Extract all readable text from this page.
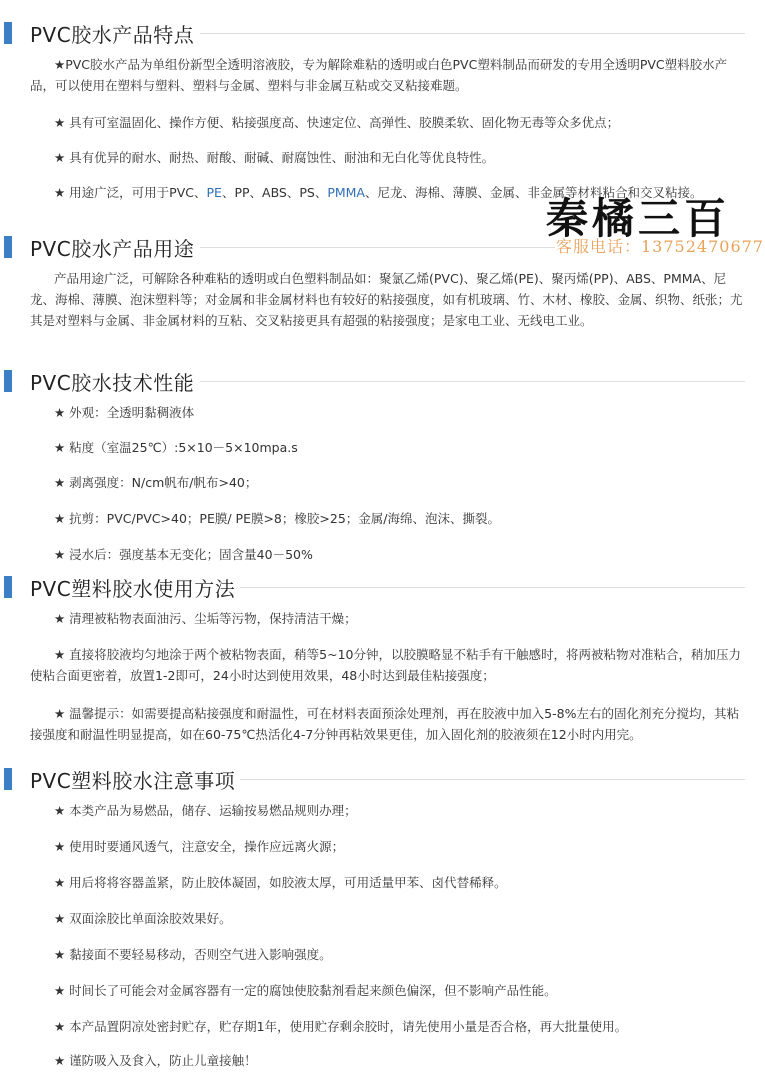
PVC胶水产品特点

★PVC胶水产品为单组份新型全透明溶液胶，专为解除难粘的透明或白色PVC塑料制品而研发的专用全透明PVC塑料胶水产品，可以使用在塑料与塑料、塑料与金属、塑料与非金属互粘或交叉粘接难题。

★ 具有可室温固化、操作方便、粘接强度高、快速定位、高弹性、胶膜柔软、固化物无毒等众多优点；

★ 具有优异的耐水、耐热、耐酸、耐碱、耐腐蚀性、耐油和无白化等优良特性。

★ 用途广泛，可用于PVC、PE、PP、ABS、PS、PMMA、尼龙、海棉、薄膜、金属、非金属等材料粘合和交叉粘接。

秦橘三百
客服电话：13752470677
PVC胶水产品用途

产品用途广泛，可解除各种难粘的透明或白色塑料制品如：聚氯乙烯(PVC)、聚乙烯(PE)、聚丙烯(PP)、ABS、PMMA、尼龙、海棉、薄膜、泡沫塑料等；对金属和非金属材料也有较好的粘接强度，如有机玻璃、竹、木材、橡胶、金属、织物、纸张；尤其是对塑料与金属、非金属材料的互粘、交叉粘接更具有超强的粘接强度；是家电工业、无线电工业。

PVC胶水技术性能

★ 外观：全透明黏稠液体

★ 粘度（室温25℃）:5×10－5×10mpa.s

★ 剥离强度：N/cm帆布/帆布>40；

★ 抗剪：PVC/PVC>40；PE膜/ PE膜>8；橡胶>25；金属/海绵、泡沫、撕裂。

★ 浸水后：强度基本无变化；固含量40－50%

PVC塑料胶水使用方法

★ 清理被粘物表面油污、尘垢等污物，保持清洁干燥；

★ 直接将胶液均匀地涂于两个被粘物表面，稍等5~10分钟，以胶膜略显不粘手有干触感时，将两被粘物对准粘合，稍加压力使粘合面更密着，放置1-2即可，24小时达到使用效果，48小时达到最佳粘接强度；

★ 温馨提示：如需要提高粘接强度和耐温性，可在材料表面预涂处理剂，再在胶液中加入5-8%左右的固化剂充分搅均，其粘接强度和耐温性明显提高，如在60-75℃热活化4-7分钟再粘效果更佳，加入固化剂的胶液须在12小时内用完。

PVC塑料胶水注意事项

★ 本类产品为易燃品，储存、运输按易燃品规则办理；

★ 使用时要通风透气，注意安全，操作应远离火源；

★ 用后将将容器盖紧，防止胶体凝固，如胶液太厚，可用适量甲苯、卤代替稀释。

★ 双面涂胶比单面涂胶效果好。

★ 黏接面不要轻易移动，否则空气进入影响强度。

★ 时间长了可能会对金属容器有一定的腐蚀使胶黏剂看起来颜色偏深，但不影响产品性能。

★ 本产品置阴凉处密封贮存，贮存期1年，使用贮存剩余胶时，请先使用小量是否合格，再大批量使用。

★ 谨防吸入及食入，防止儿童接触！
